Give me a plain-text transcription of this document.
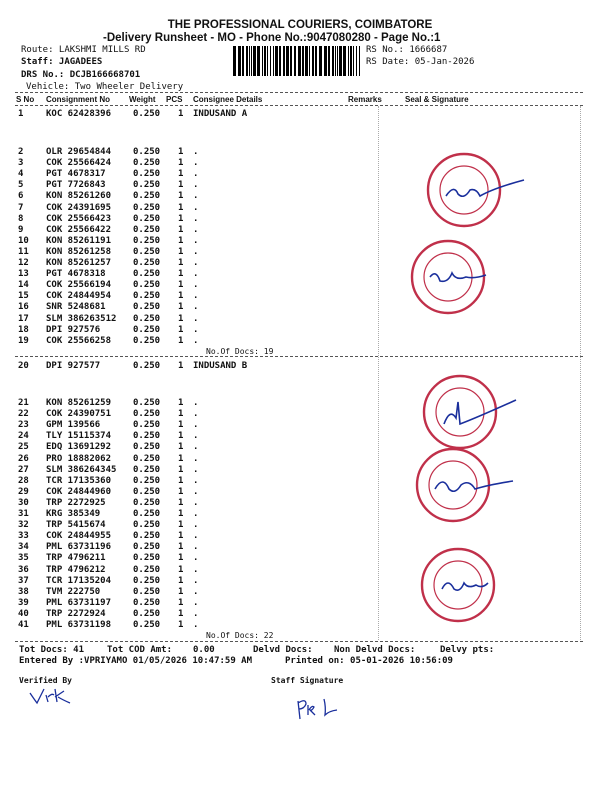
THE PROFESSIONAL COURIERS, COIMBATORE
-Delivery Runsheet - MO - Phone No.:9047080280 - Page No.:1
Route: LAKSHMI MILLS RD
Staff: JAGADEES
DRS No.: DCJB166668701
Vehicle: Two Wheeler Delivery
RS No.: 1666687
RS Date: 05-Jan-2026
S No Consignment No Weight PCS Consignee Details	Remarks	Seal & Signature
1	KOC 62428396 0.250 1 INDUSAND A
2	OLR 29654844 0.250 1 .
3	COK 25566424 0.250 1 .
4	PGT 4678317	0.250 1 .
5	PGT 7726843	0.250 1 .
6	KON 85261260 0.250 1 .
7	COK 24391695 0.250 1 .
8	COK 25566423 0.250 1 .
9	COK 25566422 0.250 1 .
10 KON 85261191 0.250 1 .
11 KON 85261258 0.250 1 .
12 KON 85261257 0.250 1 .
13 PGT 4678318	0.250 1 .
14 COK 25566194 0.250 1 .
15 COK 24844954 0.250 1 .
16 SNR 5248681	0.250 1 .
17 SLM 386263512 0.250 1 .
18 DPI 927576	0.250 1 .
19 COK 25566258 0.250 1 .
No.Of Docs: 19
20 DPI 927577	0.250 1 INDUSAND B
21 KON 85261259 0.250 1 .
22 COK 24390751 0.250 1 .
23 GPM 139566	0.250 1 .
24 TLY 15115374 0.250 1 .
25 EDQ 13691292 0.250 1 .
26 PRO 18882062 0.250 1 .
27 SLM 386264345 0.250 1 .
28 TCR 17135360 0.250 1 .
29 COK 24844960 0.250 1 .
30 TRP 2272925	0.250 1 .
31 KRG 385349	0.250 1 .
32 TRP 5415674	0.250 1 .
33 COK 24844955 0.250 1 .
34 PML 63731196 0.250 1 .
35 TRP 4796211	0.250 1 .
36 TRP 4796212	0.250 1 .
37 TCR 17135204 0.250 1 .
38 TVM 222750	0.250 1 .
39 PML 63731197 0.250 1 .
40 TRP 2272924	0.250 1 .
41 PML 63731198 0.250 1 .
No.Of Docs: 22
Tot Docs: 41	Tot COD Amt: 0.00	Delvd Docs: Non Delvd Docs:	Delvy pts:
Entered By :VPRIYAMO 01/05/2026 10:47:59 AM	Printed on: 05-01-2026 10:56:09
Verified By	Staff Signature
